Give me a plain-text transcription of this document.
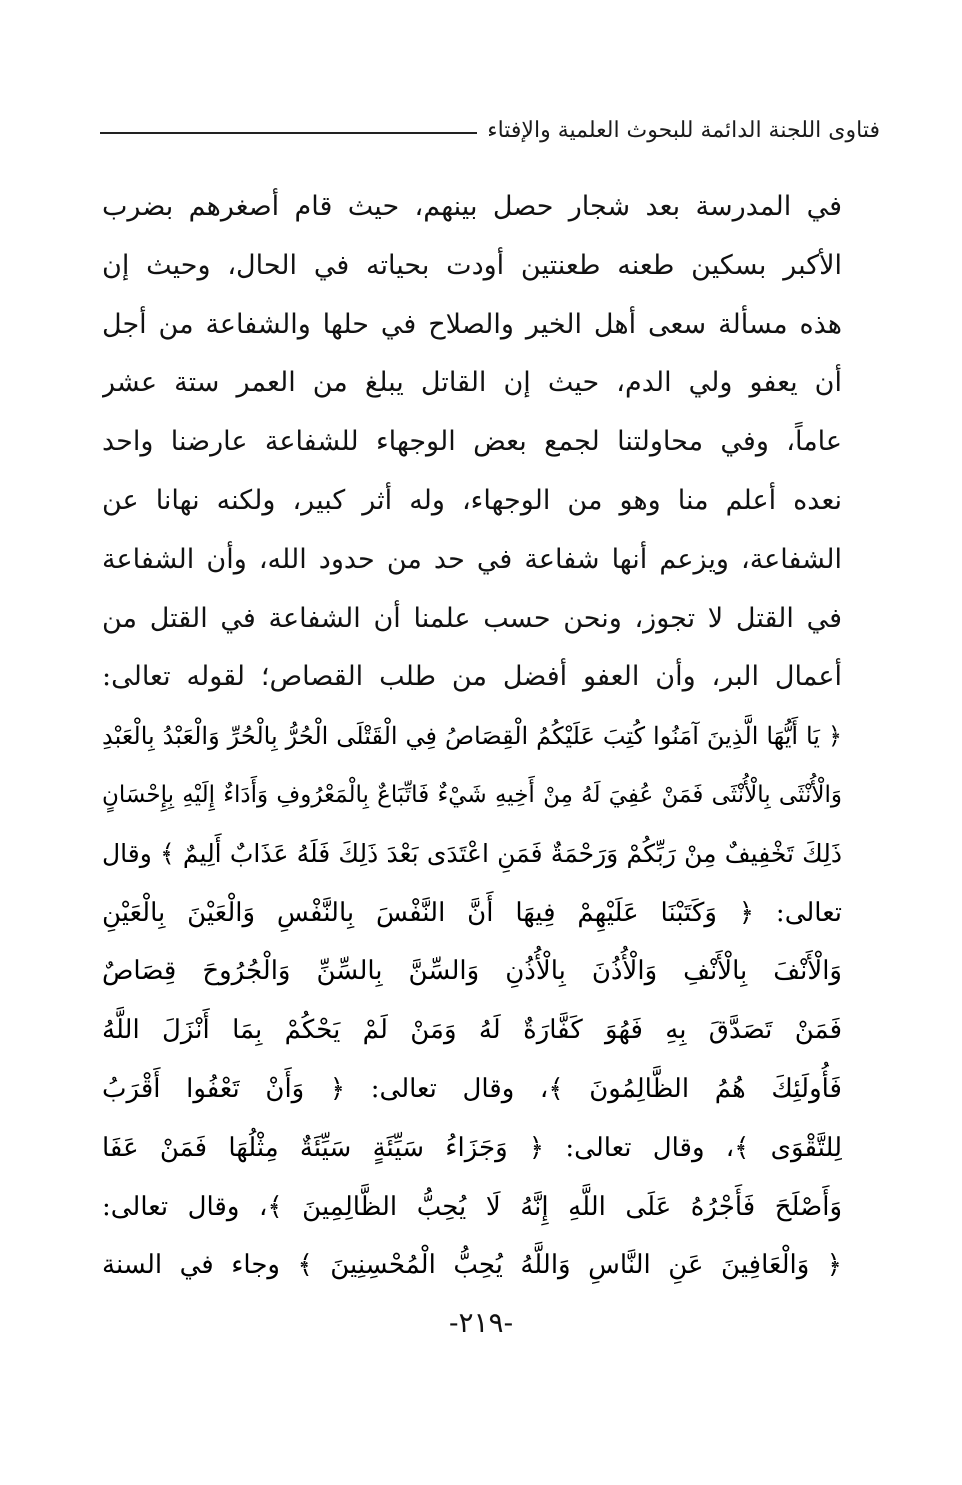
فتاوى اللجنة الدائمة للبحوث العلمية والإفتاء
في المدرسة بعد شجار حصل بينهم، حيث قام أصغرهم بضرب
الأكبر بسكين طعنه طعنتين أودت بحياته في الحال، وحيث إن
هذه مسألة سعى أهل الخير والصلاح في حلها والشفاعة من أجل
أن يعفو ولي الدم، حيث إن القاتل يبلغ من العمر ستة عشر
عاماً، وفي محاولتنا لجمع بعض الوجهاء للشفاعة عارضنا واحد
نعده أعلم منا وهو من الوجهاء، وله أثر كبير، ولكنه نهانا عن
الشفاعة، ويزعم أنها شفاعة في حد من حدود الله، وأن الشفاعة
في القتل لا تجوز، ونحن حسب علمنا أن الشفاعة في القتل من
أعمال البر، وأن العفو أفضل من طلب القصاص؛ لقوله تعالى:
﴿ يَا أَيُّهَا الَّذِينَ آمَنُوا كُتِبَ عَلَيْكُمُ الْقِصَاصُ فِي الْقَتْلَى الْحُرُّ بِالْحُرِّ وَالْعَبْدُ بِالْعَبْدِ
وَالْأُنْثَى بِالْأُنْثَى فَمَنْ عُفِيَ لَهُ مِنْ أَخِيهِ شَيْءٌ فَاتِّبَاعٌ بِالْمَعْرُوفِ وَأَدَاءٌ إِلَيْهِ بِإِحْسَانٍ
ذَلِكَ تَخْفِيفٌ مِنْ رَبِّكُمْ وَرَحْمَةٌ فَمَنِ اعْتَدَى بَعْدَ ذَلِكَ فَلَهُ عَذَابٌ أَلِيمٌ ﴾ وقال
تعالى: ﴿ وَكَتَبْنَا عَلَيْهِمْ فِيهَا أَنَّ النَّفْسَ بِالنَّفْسِ وَالْعَيْنَ بِالْعَيْنِ
وَالْأَنْفَ بِالْأَنْفِ وَالْأُذُنَ بِالْأُذُنِ وَالسِّنَّ بِالسِّنِّ وَالْجُرُوحَ قِصَاصٌ
فَمَنْ تَصَدَّقَ بِهِ فَهُوَ كَفَّارَةٌ لَهُ وَمَنْ لَمْ يَحْكُمْ بِمَا أَنْزَلَ اللَّهُ
فَأُولَئِكَ هُمُ الظَّالِمُونَ ﴾، وقال تعالى: ﴿ وَأَنْ تَعْفُوا أَقْرَبُ
لِلتَّقْوَى ﴾، وقال تعالى: ﴿ وَجَزَاءُ سَيِّئَةٍ سَيِّئَةٌ مِثْلُهَا فَمَنْ عَفَا
وَأَصْلَحَ فَأَجْرُهُ عَلَى اللَّهِ إِنَّهُ لَا يُحِبُّ الظَّالِمِينَ ﴾، وقال تعالى:
﴿ وَالْعَافِينَ عَنِ النَّاسِ وَاللَّهُ يُحِبُّ الْمُحْسِنِينَ ﴾ وجاء في السنة
-٢١٩-
